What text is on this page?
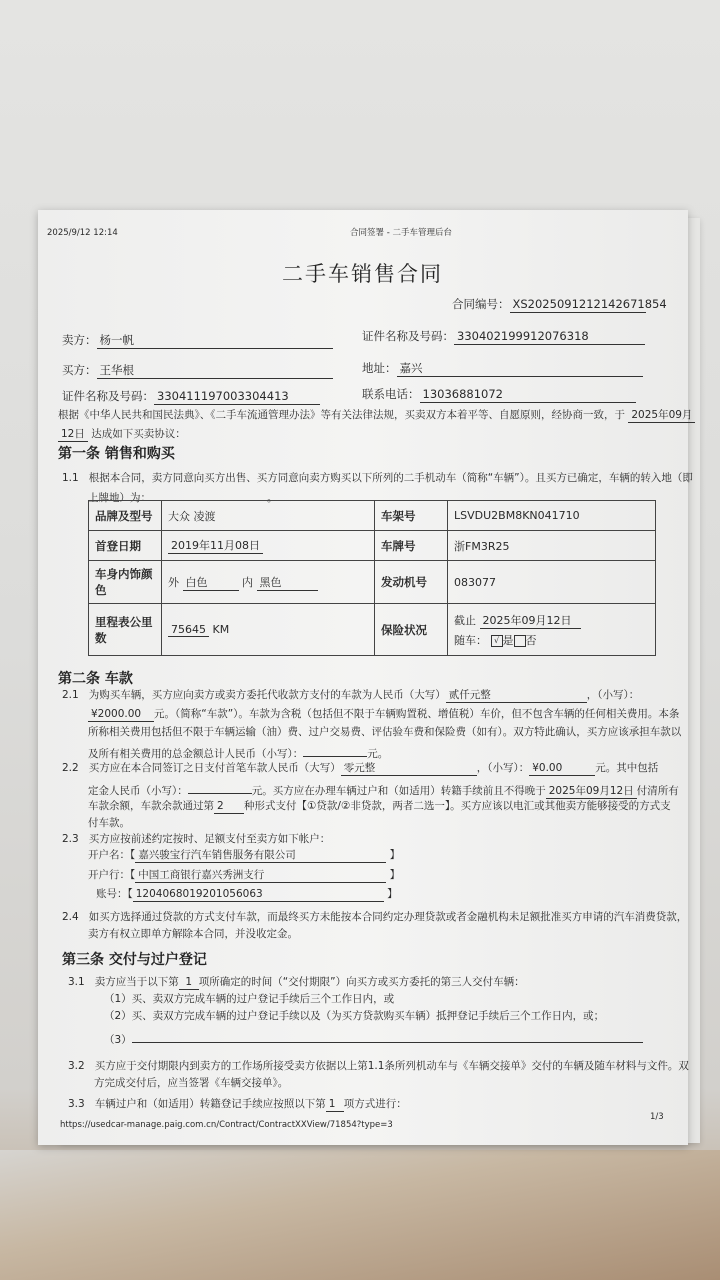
2025/9/12 12:14	合同签署 - 二手车管理后台
二手车销售合同
合同编号： XS2025091212142671854
卖方： 杨一帆	证件名称及号码： 330402199912076318
买方： 王华根	地址： 嘉兴
证件名称及号码： 330411197003304413	联系电话： 13036881072
根据《中华人民共和国民法典》、《二手车流通管理办法》等有关法律法规，买卖双方本着平等、自愿原则，经协商一致，于 2025年09月
12日 达成如下买卖协议：
第一条 销售和购买
1.1 根据本合同，卖方同意向买方出售、买方同意向卖方购买以下所列的二手机动车（简称“车辆”）。且买方已确定，车辆的转入地（即
上牌地）为：	。
品牌及型号	大众 凌渡	车架号	LSVDU2BM8KN041710
首登日期	2019年11月08日	车牌号	浙FM3R25
车身内饰颜色	外 白色 内 黑色	发动机号	083077
里程表公里数	75645 KM	保险状况	截止 2025年09月12日
随车： √ 是 否
第二条 车款
2.1 为购买车辆，买方应向卖方或卖方委托代收款方支付的车款为人民币（大写） 贰仟元整	，（小写）：
¥2000.00 元。（简称“车款”）。车款为含税（包括但不限于车辆购置税、增值税）车价，但不包含车辆的任何相关费用。本条
所称相关费用包括但不限于车辆运输（油）费、过户交易费、评估验车费和保险费（如有）。双方特此确认，买方应该承担车款以
及所有相关费用的总金额总计人民币（小写）：	元。
2.2 买方应在本合同签订之日支付首笔车款人民币（大写） 零元整	，（小写）： ¥0.00	元。其中包括
定金人民币（小写）：	元。买方应在办理车辆过户和（如适用）转籍手续前且不得晚于 2025年09月12日 付清所有
车款余额，车款余款通过第 2 种形式支付【①贷款/②非贷款，两者二选一】。买方应该以电汇或其他卖方能够接受的方式支
付车款。
2.3 买方应按前述约定按时、足额支付至卖方如下帐户：
开户名：【 嘉兴骏宝行汽车销售服务有限公司	】
开户行：【 中国工商银行嘉兴秀洲支行	】
账号：【 1204068019201056063	】
2.4 如买方选择通过贷款的方式支付车款，而最终买方未能按本合同约定办理贷款或者金融机构未足额批准买方申请的汽车消费贷款，
卖方有权立即单方解除本合同，并没收定金。
第三条 交付与过户登记
3.1 卖方应当于以下第 1 项所确定的时间（“交付期限”）向买方或买方委托的第三人交付车辆：
（1）买、卖双方完成车辆的过户登记手续后三个工作日内，或
（2）买、卖双方完成车辆的过户登记手续以及（为买方贷款购买车辆）抵押登记手续后三个工作日内，或；
（3）
3.2 买方应于交付期限内到卖方的工作场所接受卖方依据以上第1.1条所列机动车与《车辆交接单》交付的车辆及随车材料与文件。双
方完成交付后，应当签署《车辆交接单》。
3.3 车辆过户和（如适用）转籍登记手续应按照以下第 1 项方式进行：
https://usedcar-manage.paig.com.cn/Contract/ContractXXView/71854?type=3
1/3
